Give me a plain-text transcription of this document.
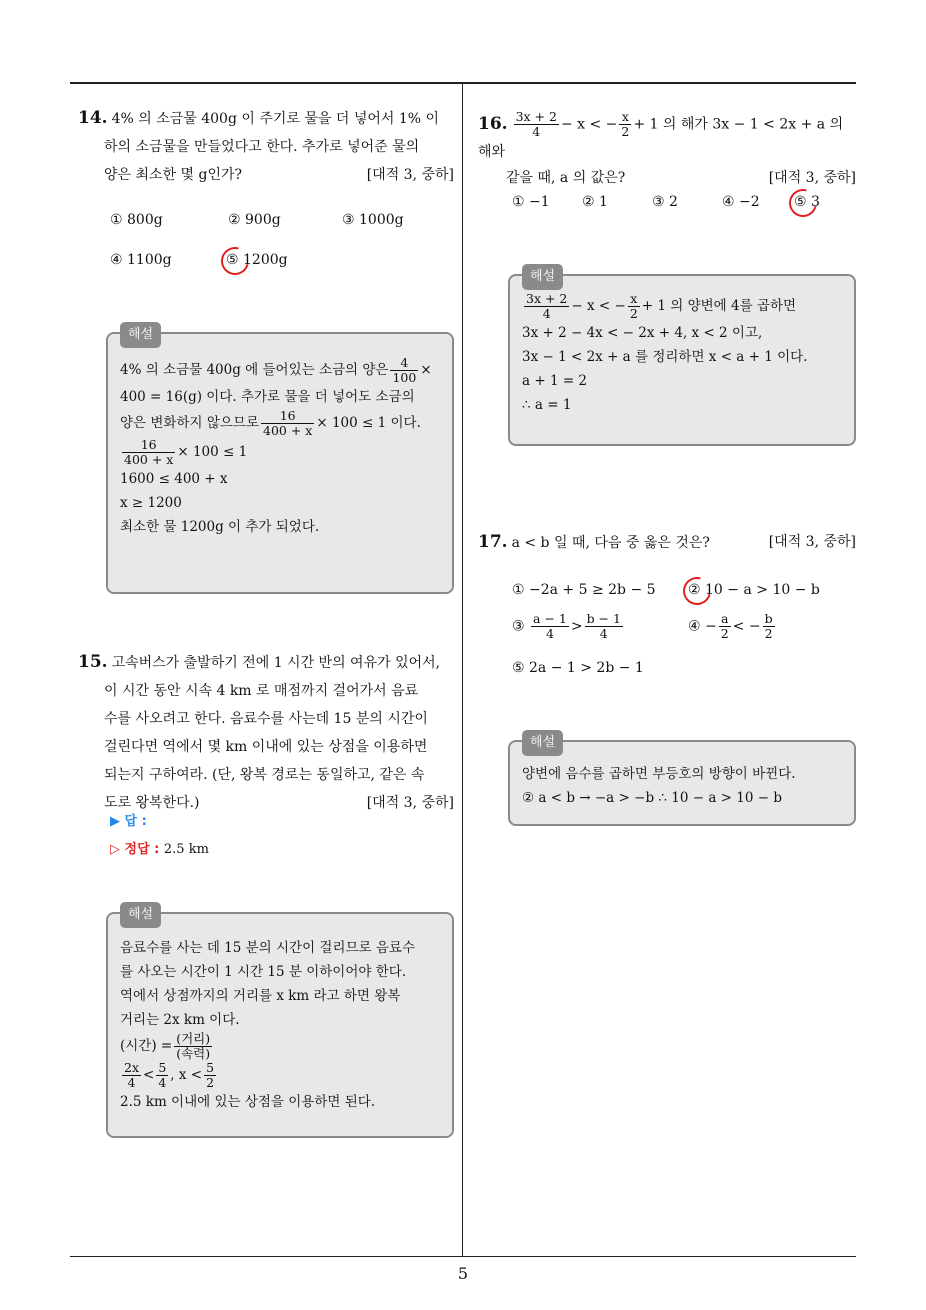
5
14. 4% 의 소금물 400g 이 주기로 물을 더 넣어서 1% 이
하의 소금물을 만들었다고 한다. 추가로 넣어준 물의
양은 최소한 몇 g인가?	[대적 3, 중하]
① 800g	② 900g	③ 1000g
④ 1100g	⑤ 1200g
해설
4% 의 소금물 400g 에 들어있는 소금의 양은 $\frac{4}{100}$ ×
400 = 16(g) 이다. 추가로 물을 더 넣어도 소금의
양은 변화하지 않으므로 $\frac{16}{400 + x} \times 100 \le 1$ 이다.
$\frac{16}{400 + x} \times 100 \le 1$
1600 ≤ 400 + x
x ≥ 1200
최소한 물 1200g 이 추가 되었다.
15. 고속버스가 출발하기 전에 1 시간 반의 여유가 있어서,
이 시간 동안 시속 4 km 로 매점까지 걸어가서 음료
수를 사오려고 한다. 음료수를 사는데 15 분의 시간이
걸린다면 역에서 몇 km 이내에 있는 상점을 이용하면
되는지 구하여라. (단, 왕복 경로는 동일하고, 같은 속
도로 왕복한다.)	[대적 3, 중하]
▶ 답 :
▷ 정답 : 2.5 km
해설
음료수를 사는 데 15 분의 시간이 걸리므로 음료수
를 사오는 시간이 1 시간 15 분 이하이어야 한다.
역에서 상점까지의 거리를 x km 라고 하면 왕복
거리는 2x km 이다.
(시간) = $\frac{\text{(거리)}}{\text{(속력)}}$
$\frac{2x}{4} < \frac{5}{4}$ , $x < \frac{5}{2}$
2.5 km 이내에 있는 상점을 이용하면 된다.
16. $\frac{3x + 2}{4} - x$ < − $\frac{x}{2} + 1$ 의 해가 3x − 1 < 2x + a 의 해와
같을 때, a 의 값은?	[대적 3, 중하]
① −1 ② 1	③ 2	④ −2 ⑤ 3
해설
$\frac{3x + 2}{4} - x$ < − $\frac{x}{2} + 1$ 의 양변에 4를 곱하면
3x + 2 − 4x < − 2x + 4, x < 2 이고,
3x − 1 < 2x + a 를 정리하면 x < a + 1 이다.
a + 1 = 2
∴ a = 1
17. a < b 일 때, 다음 중 옳은 것은?	[대적 3, 중하]
① −2a + 5 ≥ 2b − 5 ② 10 − a > 10 − b
③ $\frac{a - 1}{4} > \frac{b - 1}{4}$	④ − $\frac{a}{2}$ < − $\frac{b}{2}$
⑤ 2a − 1 > 2b − 1
해설
양변에 음수를 곱하면 부등호의 방향이 바뀐다.
② a < b → −a > −b ∴ 10 − a > 10 − b
